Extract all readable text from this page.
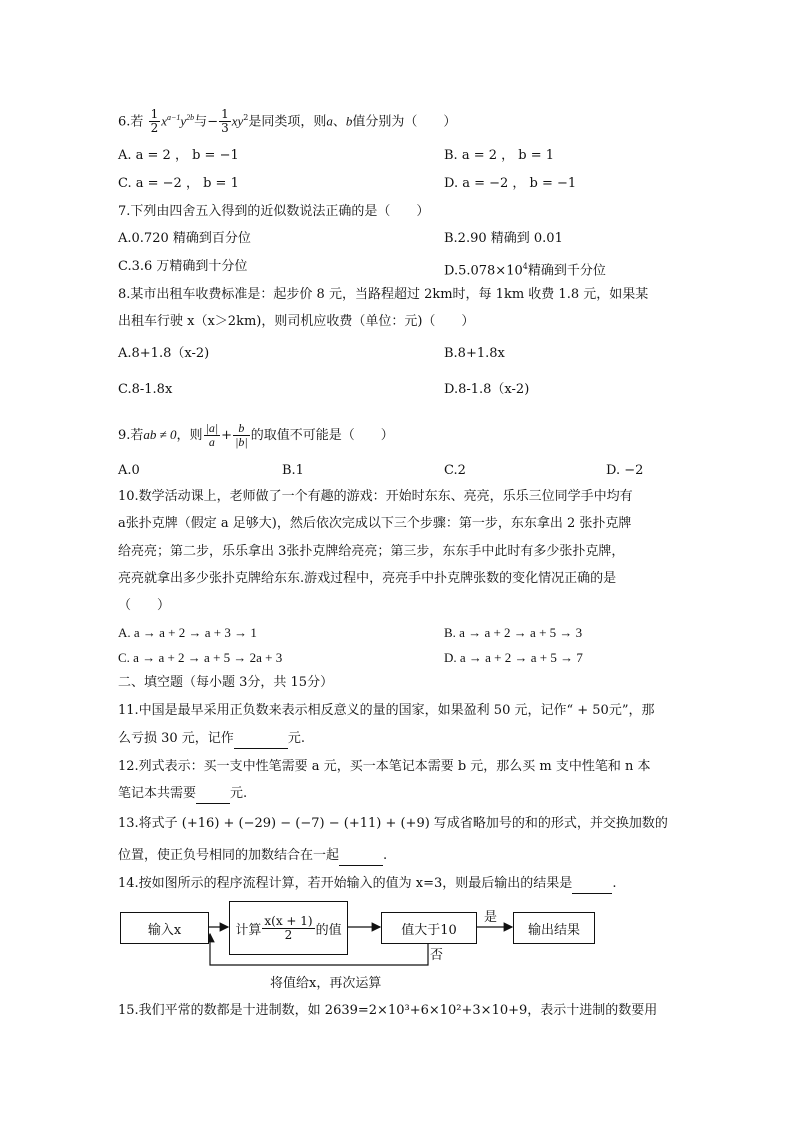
6.若 $\frac{1}{2} x^{a-1}y^{2b}$与− $\frac{1}{3} xy^2$是同类项，则a、b值分别为（　　）
A. a = 2 ， b = −1	B. a = 2 ， b = 1
C. a = −2 ， b = 1	D. a = −2 ， b = −1
7.下列由四舍五入得到的近似数说法正确的是（　　）
A.0.720 精确到百分位	B.2.90 精确到 0.01
C.3.6 万精确到十分位	$D.5.078\times 10^4$精确到千分位
8.某市出租车收费标准是：起步价 8 元，当路程超过 2km时，每 1km 收费 1.8 元，如果某
出租车行驶 x（x＞2km)，则司机应收费（单位：元)（　　）
A.8+1.8（x-2)	B.8+1.8x
C.8-1.8x	D.8-1.8（x-2)
9.若ab ≠ 0，则 $\frac{|a|}{a} + \frac{b}{|b|}$ 的取值不可能是（　　）
A.0	B.1	C.2	D. −2
10.数学活动课上，老师做了一个有趣的游戏：开始时东东、亮亮，乐乐三位同学手中均有
a张扑克牌（假定 a 足够大)，然后依次完成以下三个步骤：第一步，东东拿出 2 张扑克牌
给亮亮；第二步，乐乐拿出 3张扑克牌给亮亮；第三步，东东手中此时有多少张扑克牌，
亮亮就拿出多少张扑克牌给东东.游戏过程中，亮亮手中扑克牌张数的变化情况正确的是
（　　）
A. a → a + 2 → a + 3 → 1	B. a → a + 2 → a + 5 → 3
C. a → a + 2 → a + 5 → 2a + 3	D. a → a + 2 → a + 5 → 7
二、填空题（每小题 3分，共 15分）
11.中国是最早采用正负数来表示相反意义的量的国家，如果盈利 50 元，记作“ + 50元”，那
么亏损 30 元，记作	元.
12.列式表示：买一支中性笔需要 a 元，买一本笔记本需要 b 元，那么买 m 支中性笔和 n 本
笔记本共需要	元.
13.将式子 (+16) + (−29) − (−7) − (+11) + (+9) 写成省略加号的和的形式，并交换加数的
位置，使正负号相同的加数结合在一起	.
14.按如图所示的程序流程计算，若开始输入的值为 x=3，则最后输出的结果是	.
输入x	计算 $\frac{x(x + 1)}{2}$ 的值	值大于10	输出结果
是
否
将值给x，再次运算
15.我们平常的数都是十进制数，如 2639=2×10³+6×10²+3×10+9，表示十进制的数要用
